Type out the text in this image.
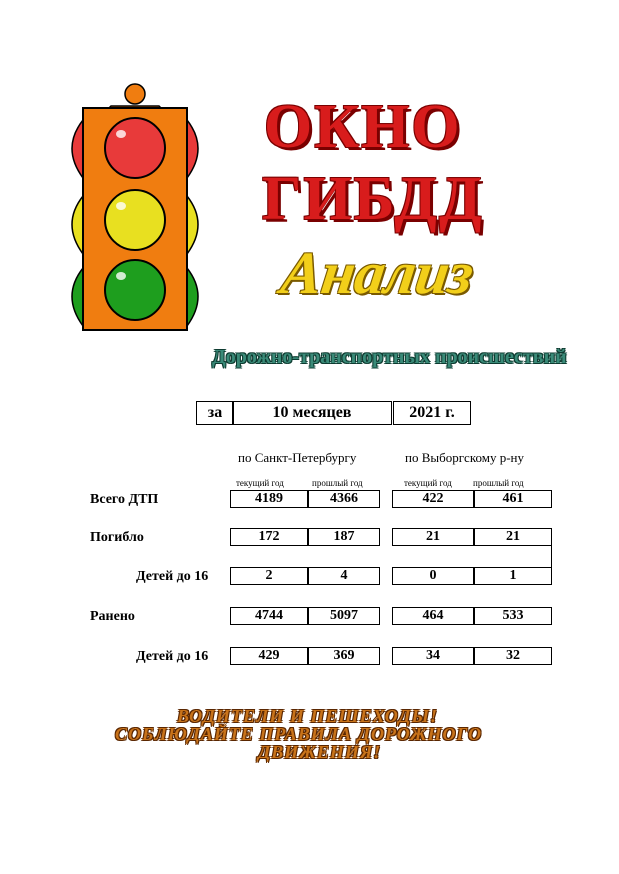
ОКНО
ГИБДД
Анализ
Дорожно-транспортных происшествий
за	10 месяцев	2021 г.
по Санкт-Петербургу	по Выборгскому р-ну
текущий год	прошлый год	текущий год прошлый год
Всего ДТП	4189	4366	422	461
Погибло	172	187	21	21
Детей до 16	2	4	0	1
Ранено	4744	5097	464	533
Детей до 16	429	369	34	32
ВОДИТЕЛИ И ПЕШЕХОДЫ!
СОБЛЮДАЙТЕ ПРАВИЛА ДОРОЖНОГО
ДВИЖЕНИЯ!
